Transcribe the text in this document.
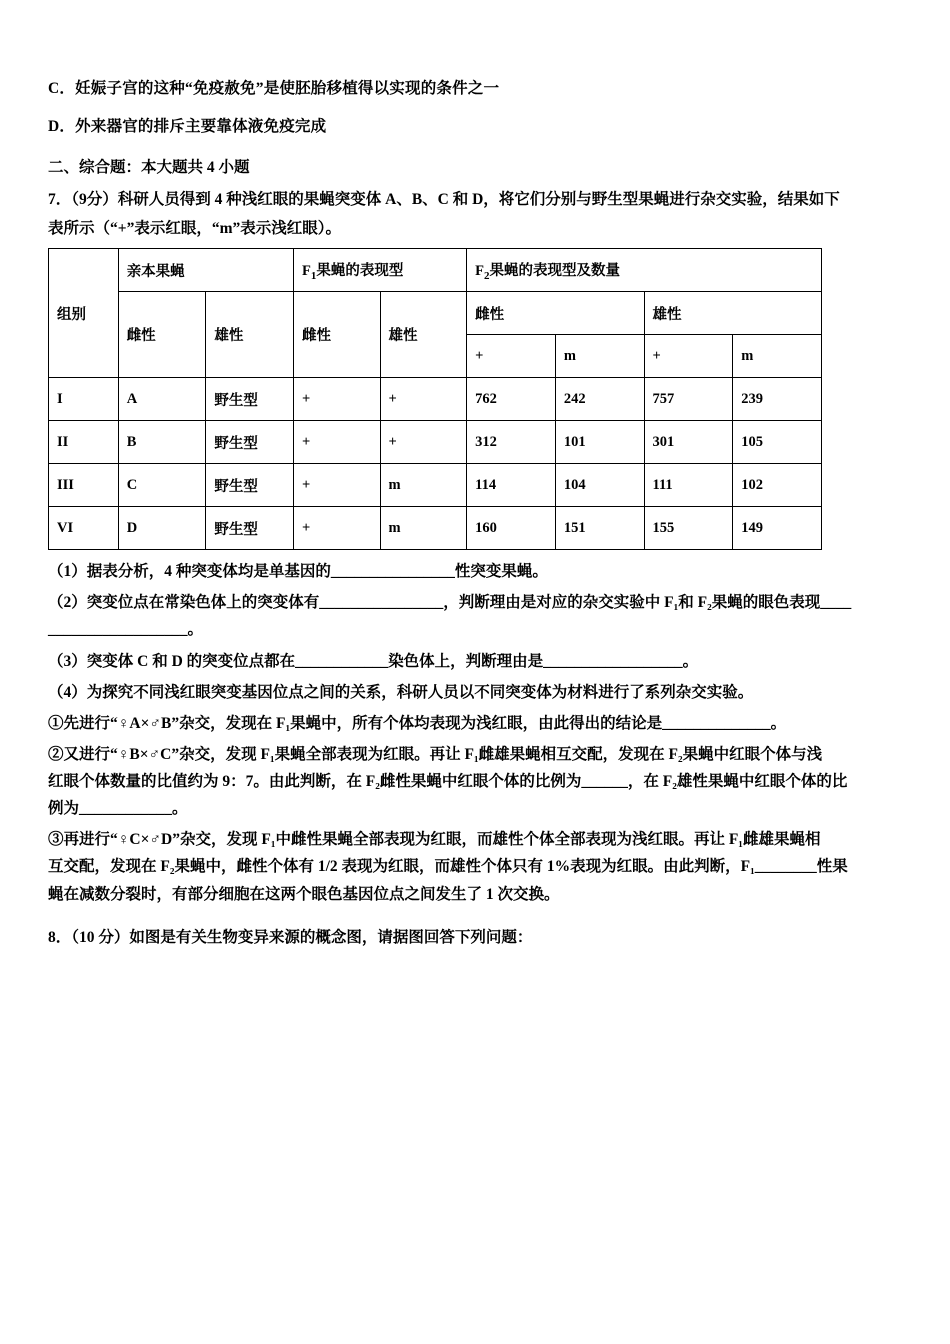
C．妊娠子宫的这种“免疫赦免”是使胚胎移植得以实现的条件之一

D．外来器官的排斥主要靠体液免疫完成

二、综合题：本大题共 4 小题

7．（9分）科研人员得到 4 种浅红眼的果蝇突变体 A、B、C 和 D，将它们分别与野生型果蝇进行杂交实验，结果如下

表所示（“+”表示红眼，“m”表示浅红眼）。

组别	亲本果蝇		$F_1$果蝇的表现型		$F_2$果蝇的表现型及数量			
	雌性	雄性	雌性	雄性	雌性		雄性	
					+	m	+	m
I	A	野生型	+	+	762	242	757	239
II	B	野生型	+	+	312	101	301	105
III	C	野生型	+	m	114	104	111	102
VI	D	野生型	+	m	160	151	155	149

（1）据表分析，4 种突变体均是单基因的________________性突变果蝇。

（2）突变位点在常染色体上的突变体有________________，判断理由是对应的杂交实验中 F₁和 F₂果蝇的眼色表现____

__________________。

（3）突变体 C 和 D 的突变位点都在____________染色体上，判断理由是__________________。

（4）为探究不同浅红眼突变基因位点之间的关系，科研人员以不同突变体为材料进行了系列杂交实验。

①先进行“♀A×♂B”杂交，发现在 F₁果蝇中，所有个体均表现为浅红眼，由此得出的结论是______________。

②又进行“♀B×♂C”杂交，发现 F₁果蝇全部表现为红眼。再让 F₁雌雄果蝇相互交配，发现在 F₂果蝇中红眼个体与浅

红眼个体数量的比值约为 9：7。由此判断，在 F₂雌性果蝇中红眼个体的比例为______，在 F₂雄性果蝇中红眼个体的比

例为____________。

③再进行“♀C×♂D”杂交，发现 F₁中雌性果蝇全部表现为红眼，而雄性个体全部表现为浅红眼。再让 F₁雌雄果蝇相

互交配，发现在 F₂果蝇中，雌性个体有 1/2 表现为红眼，而雄性个体只有 1%表现为红眼。由此判断，F₁________性果

蝇在减数分裂时，有部分细胞在这两个眼色基因位点之间发生了 1 次交换。

8．（10 分）如图是有关生物变异来源的概念图，请据图回答下列问题：
